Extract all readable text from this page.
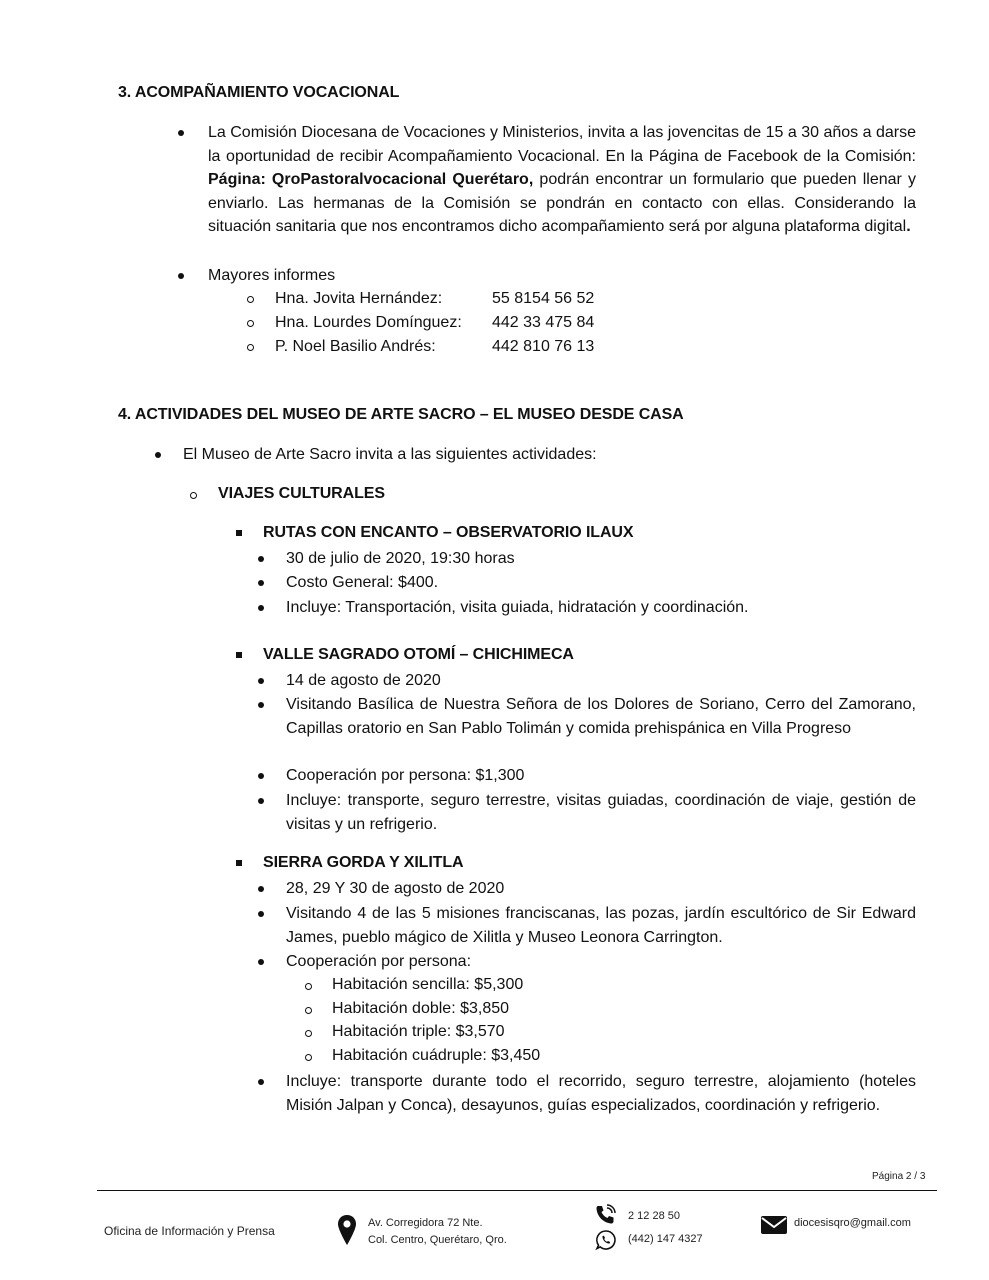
3. ACOMPAÑAMIENTO VOCACIONAL
La Comisión Diocesana de Vocaciones y Ministerios, invita a las jovencitas de 15 a 30 años a darse la oportunidad de recibir Acompañamiento Vocacional. En la Página de Facebook de la Comisión: Página: QroPastoralvocacional Querétaro, podrán encontrar un formulario que pueden llenar y enviarlo. Las hermanas de la Comisión se pondrán en contacto con ellas. Considerando la situación sanitaria que nos encontramos dicho acompañamiento será por alguna plataforma digital.
Mayores informes
Hna. Jovita Hernández:	55 8154 56 52
Hna. Lourdes Domínguez: 442 33 475 84
P. Noel Basilio Andrés:	442 810 76 13
4. ACTIVIDADES DEL MUSEO DE ARTE SACRO – EL MUSEO DESDE CASA
El Museo de Arte Sacro invita a las siguientes actividades:
VIAJES CULTURALES
RUTAS CON ENCANTO – OBSERVATORIO ILAUX
30 de julio de 2020, 19:30 horas
Costo General: $400.
Incluye: Transportación, visita guiada, hidratación y coordinación.
VALLE SAGRADO OTOMÍ – CHICHIMECA
14 de agosto de 2020
Visitando Basílica de Nuestra Señora de los Dolores de Soriano, Cerro del Zamorano, Capillas oratorio en San Pablo Tolimán y comida prehispánica en Villa Progreso
Cooperación por persona: $1,300
Incluye: transporte, seguro terrestre, visitas guiadas, coordinación de viaje, gestión de visitas y un refrigerio.
SIERRA GORDA Y XILITLA
28, 29 Y 30 de agosto de 2020
Visitando 4 de las 5 misiones franciscanas, las pozas, jardín escultórico de Sir Edward James, pueblo mágico de Xilitla y Museo Leonora Carrington.
Cooperación por persona:
Habitación sencilla: $5,300
Habitación doble: $3,850
Habitación triple: $3,570
Habitación cuádruple: $3,450
Incluye: transporte durante todo el recorrido, seguro terrestre, alojamiento (hoteles Misión Jalpan y Conca), desayunos, guías especializados, coordinación y refrigerio.
Página 2 / 3
Oficina de Información y Prensa
Av. Corregidora 72 Nte.
Col. Centro, Querétaro, Qro.
2 12 28 50
(442) 147 4327
diocesisqro@gmail.com
